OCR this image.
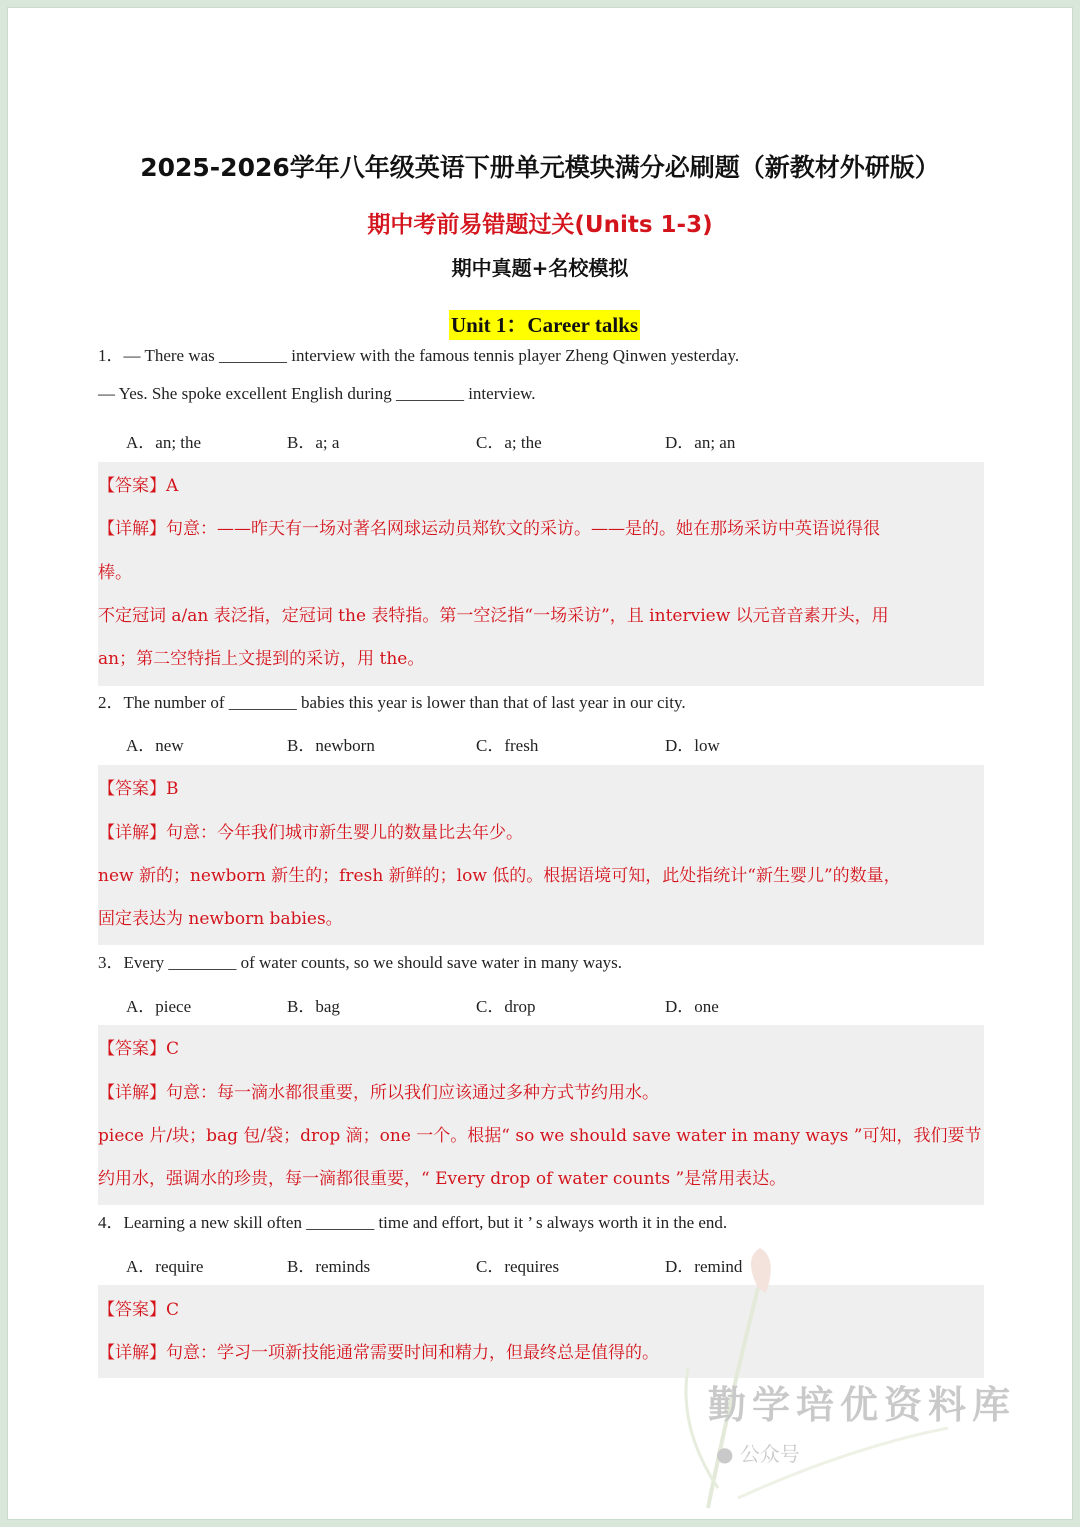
2025-2026学年八年级英语下册单元模块满分必刷题（新教材外研版）
期中考前易错题过关(Units 1-3)
期中真题+名校模拟
Unit 1：Career talks
1．— There was ________ interview with the famous tennis player Zheng Qinwen yesterday.
— Yes. She spoke excellent English during ________ interview.
A．an; the	B．a; a	C．a; the	D．an; an
【答案】A
【详解】句意：——昨天有一场对著名网球运动员郑钦文的采访。——是的。她在那场采访中英语说得很
棒。
不定冠词 a/an 表泛指，定冠词 the 表特指。第一空泛指“一场采访”，且 interview 以元音音素开头，用
an；第二空特指上文提到的采访，用 the。
2．The number of ________ babies this year is lower than that of last year in our city.
A．new	B．newborn	C．fresh	D．low
【答案】B
【详解】句意：今年我们城市新生婴儿的数量比去年少。
new 新的；newborn 新生的；fresh 新鲜的；low 低的。根据语境可知，此处指统计“新生婴儿”的数量，
固定表达为 newborn babies。
3．Every ________ of water counts, so we should save water in many ways.
A．piece	B．bag	C．drop	D．one
【答案】C
【详解】句意：每一滴水都很重要，所以我们应该通过多种方式节约用水。
piece 片/块；bag 包/袋；drop 滴；one 一个。根据“ so we should save water in many ways ”可知，我们要节
约用水，强调水的珍贵，每一滴都很重要，“ Every drop of water counts ”是常用表达。
4．Learning a new skill often ________ time and effort, but it ’ s always worth it in the end.
A．require	B．reminds	C．requires	D．remind
【答案】C
【详解】句意：学习一项新技能通常需要时间和精力，但最终总是值得的。
勤学培优资料库
● 公众号
